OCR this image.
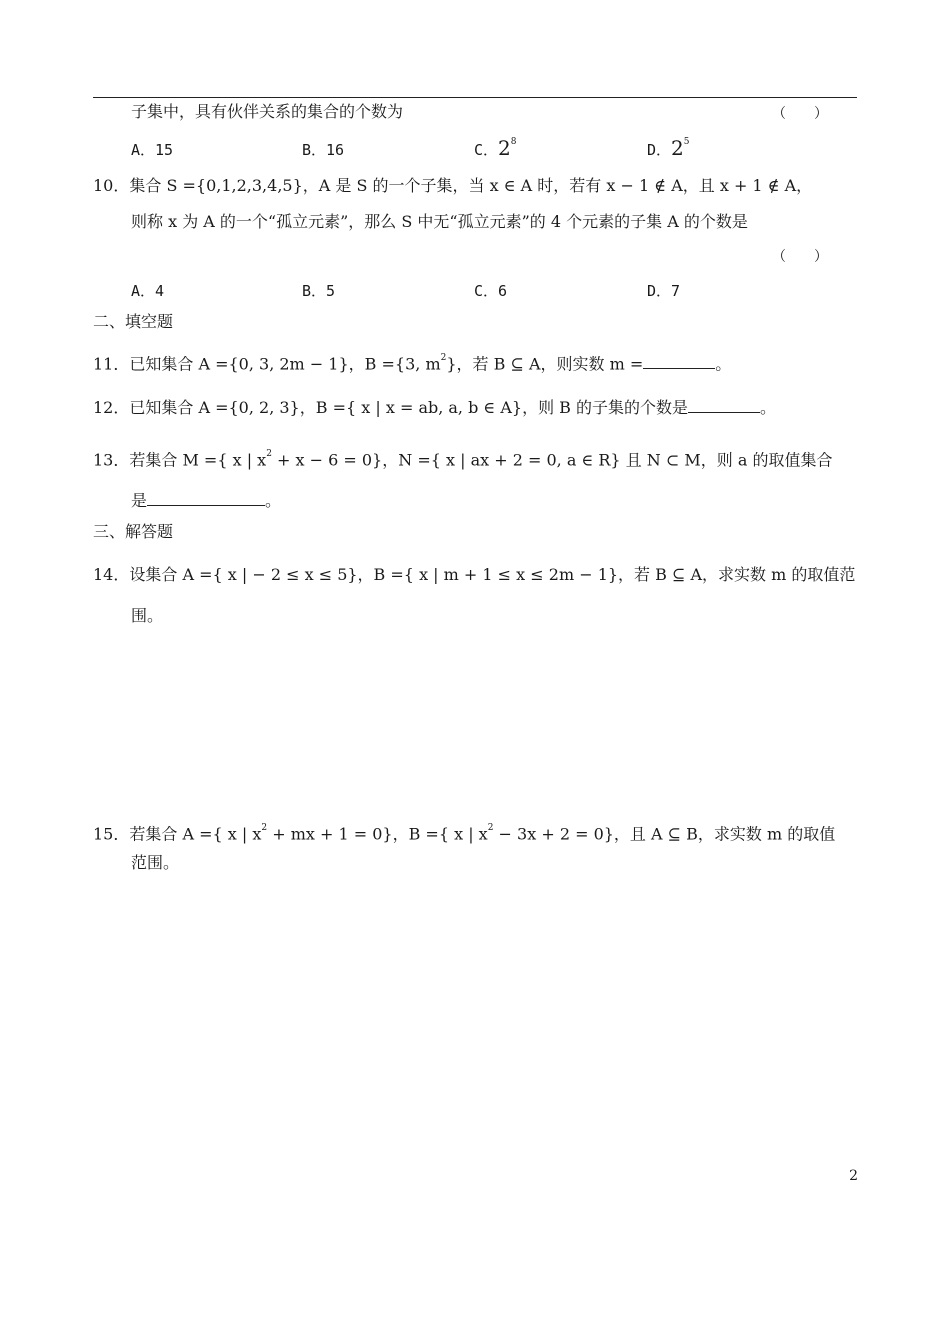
子集中，具有伙伴关系的集合的个数为	（　　）
A．15	B．16	C．$2^8$	D．$2^5$
10．集合 S ={0,1,2,3,4,5}，A 是 S 的一个子集，当 x ∈ A 时，若有 x − 1 ∉ A，且 x + 1 ∉ A，
则称 x 为 A 的一个“孤立元素”，那么 S 中无“孤立元素”的 4 个元素的子集 A 的个数是
（　　）
A．4	B．5	C．6	D．7
二、填空题
11．已知集合 A ={0, 3, 2m − 1}，B ={3, $m^2$}，若 B ⊆ A，则实数 m =	。
12．已知集合 A ={0, 2, 3}，B ={ x | x = ab, a, b ∈ A}，则 B 的子集的个数是	。
13．若集合 M ={ x | $x^2 + x - 6 = 0$}，N ={ x | ax + 2 = 0, a ∈ R} 且 N ⊂ M，则 a 的取值集合
是	。
三、解答题
14．设集合 A ={ x | − 2 ≤ x ≤ 5}，B ={ x | m + 1 ≤ x ≤ 2m − 1}，若 B ⊆ A，求实数 m 的取值范
围。
15．若集合 A ={ x | $x^2$ + mx + 1 = 0}，B ={ x | $x^2 - 3x + 2 = 0$}，且 A ⊆ B，求实数 m 的取值
范围。
2
